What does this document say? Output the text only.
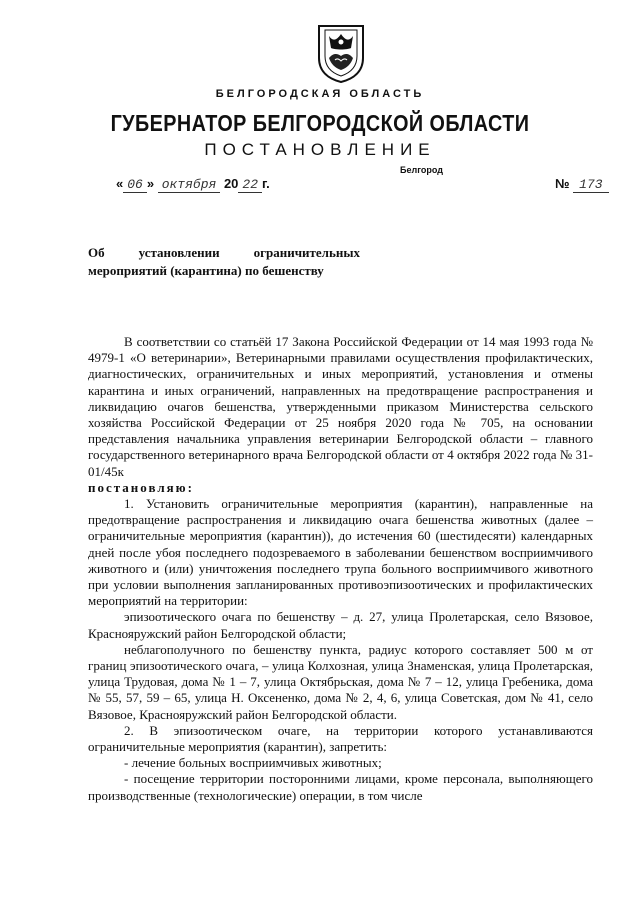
БЕЛГОРОДСКАЯ ОБЛАСТЬ
ГУБЕРНАТОР БЕЛГОРОДСКОЙ ОБЛАСТИ
ПОСТАНОВЛЕНИЕ
Белгород
« 06 » октября 20 22 г.	№ 173
Об установлении ограничительных
мероприятий (карантина) по бешенству

В соответствии со статьёй 17 Закона Российской Федерации от 14 мая 1993 года № 4979-1 «О ветеринарии», Ветеринарными правилами осуществления профилактических, диагностических, ограничительных и иных мероприятий, установления и отмены карантина и иных ограничений, направленных на предотвращение распространения и ликвидацию очагов бешенства, утвержденными приказом Министерства сельского хозяйства Российской Федерации от 25 ноября 2020 года № 705, на основании представления начальника управления ветеринарии Белгородской области – главного государственного ветеринарного врача Белгородской области от 4 октября 2022 года № 31-01/45к

постановляю:

1. Установить ограничительные мероприятия (карантин), направленные на предотвращение распространения и ликвидацию очага бешенства животных (далее – ограничительные мероприятия (карантин)), до истечения 60 (шестидесяти) календарных дней после убоя последнего подозреваемого в заболевании бешенством восприимчивого животного и (или) уничтожения последнего трупа больного восприимчивого животного при условии выполнения запланированных противоэпизоотических и профилактических мероприятий на территории:

эпизоотического очага по бешенству – д. 27, улица Пролетарская, село Вязовое, Краснояружский район Белгородской области;

неблагополучного по бешенству пункта, радиус которого составляет 500 м от границ эпизоотического очага, – улица Колхозная, улица Знаменская, улица Пролетарская, улица Трудовая, дома № 1 – 7, улица Октябрьская, дома № 7 – 12, улица Гребеника, дома № 55, 57, 59 – 65, улица Н. Оксененко, дома № 2, 4, 6, улица Советская, дом № 41, село Вязовое, Краснояружский район Белгородской области.

2. В эпизоотическом очаге, на территории которого устанавливаются ограничительные мероприятия (карантин), запретить:

- лечение больных восприимчивых животных;

- посещение территории посторонними лицами, кроме персонала, выполняющего производственные (технологические) операции, в том числе
